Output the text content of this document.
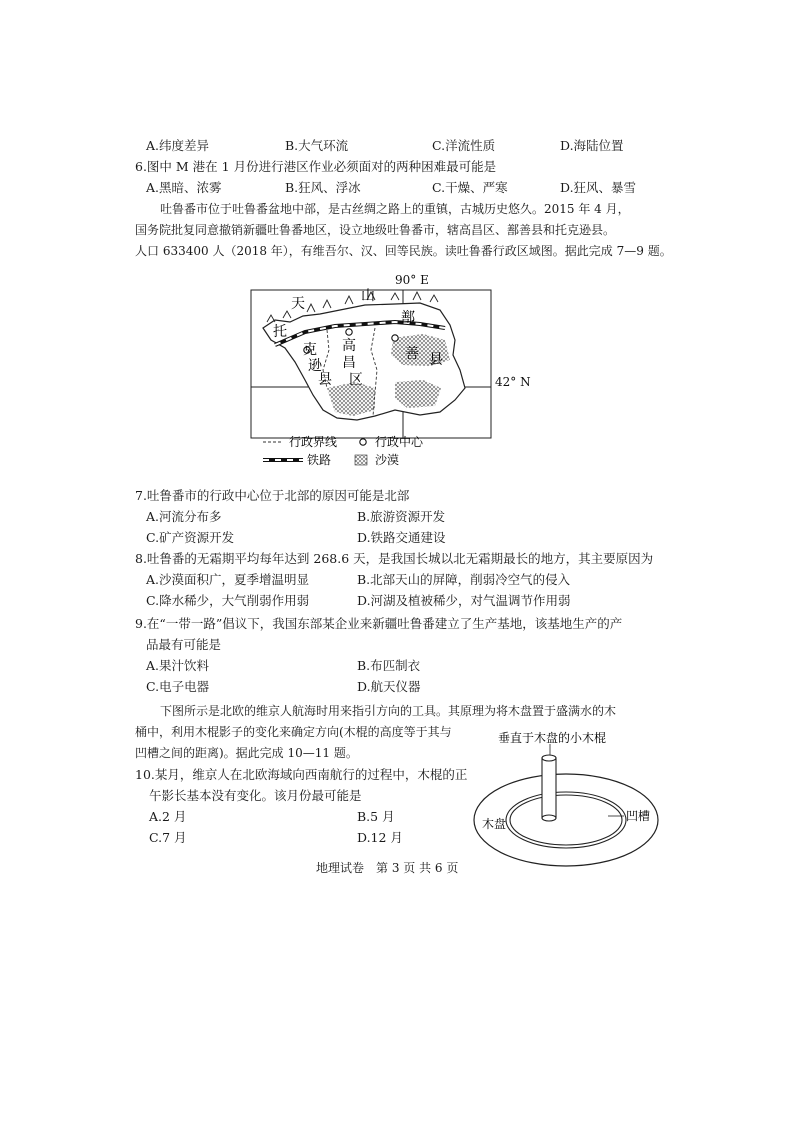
A.纬度差异	B.大气环流	C.洋流性质	D.海陆位置
6.图中 M 港在 1 月份进行港区作业必须面对的两种困难最可能是
A.黑暗、浓雾	B.狂风、浮冰	C.干燥、严寒	D.狂风、暴雪
吐鲁番市位于吐鲁番盆地中部，是古丝绸之路上的重镇，古城历史悠久。2015 年 4 月，
国务院批复同意撤销新疆吐鲁番地区，设立地级吐鲁番市，辖高昌区、鄯善县和托克逊县。
人口 633400 人（2018 年），有维吾尔、汉、回等民族。读吐鲁番行政区域图。据此完成 7—9 题。
90° E
42° N
天	山
托
克
逊
县
高
昌
区
鄯
善 县
行政界线	行政中心
铁路	沙漠
7.吐鲁番市的行政中心位于北部的原因可能是北部
A.河流分布多	B.旅游资源开发
C.矿产资源开发	D.铁路交通建设
8.吐鲁番的无霜期平均每年达到 268.6 天，是我国长城以北无霜期最长的地方，其主要原因为
A.沙漠面积广，夏季增温明显	B.北部天山的屏障，削弱冷空气的侵入
C.降水稀少，大气削弱作用弱	D.河湖及植被稀少，对气温调节作用弱
9.在“一带一路”倡议下，我国东部某企业来新疆吐鲁番建立了生产基地，该基地生产的产
品最有可能是
A.果汁饮料	B.布匹制衣
C.电子电器	D.航天仪器
下图所示是北欧的维京人航海时用来指引方向的工具。其原理为将木盘置于盛满水的木
桶中，利用木棍影子的变化来确定方向(木棍的高度等于其与
凹槽之间的距离)。据此完成 10—11 题。
垂直于木盘的小木棍
木盘
凹槽
10.某月，维京人在北欧海域向西南航行的过程中，木棍的正
午影长基本没有变化。该月份最可能是
A.2 月	B.5 月
C.7 月	D.12 月
地理试卷　第 3 页 共 6 页
